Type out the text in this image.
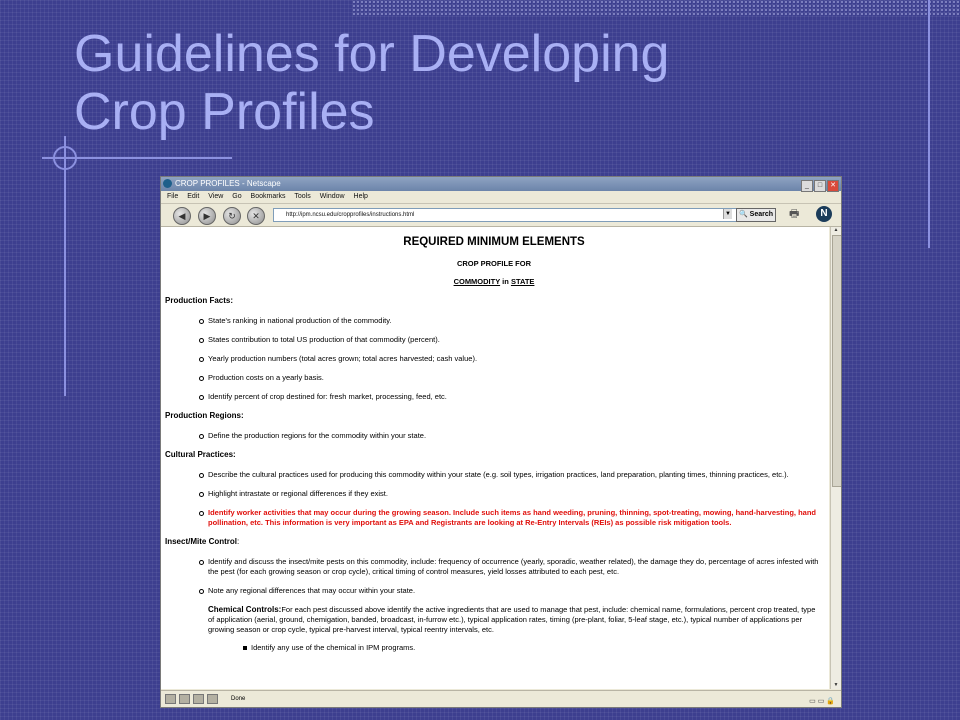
Guidelines for Developing
Crop Profiles
CROP PROFILES - Netscape	_ □ ✕
File Edit View Go Bookmarks Tools Window Help
◀	▶	↻	✕	http://ipm.ncsu.edu/cropprofiles/instructions.html	▼	🔍 Search 🖶	N
REQUIRED MINIMUM ELEMENTS
CROP PROFILE FOR
COMMODITY in STATE
Production Facts:
State's ranking in national production of the commodity.
States contribution to total US production of that commodity (percent).
Yearly production numbers (total acres grown; total acres harvested; cash value).
Production costs on a yearly basis.
Identify percent of crop destined for: fresh market, processing, feed, etc.
Production Regions:
Define the production regions for the commodity within your state.
Cultural Practices:
Describe the cultural practices used for producing this commodity within your state (e.g. soil types, irrigation practices, land preparation, planting times, thinning practices, etc.).
Highlight intrastate or regional differences if they exist.
Identify worker activities that may occur during the growing season. Include such items as hand weeding, pruning, thinning, spot-treating, mowing, hand-harvesting, hand pollination, etc. This information is very important as EPA and Registrants are looking at Re-Entry Intervals (REIs) as possible risk mitigation tools.
Insect/Mite Control:
Identify and discuss the insect/mite pests on this commodity, include: frequency of occurrence (yearly, sporadic, weather related), the damage they do, percentage of acres infested with the pest (for each growing season or crop cycle), critical timing of control measures, yield losses attributed to each pest, etc.
Note any regional differences that may occur within your state.
Chemical Controls:For each pest discussed above identify the active ingredients that are used to manage that pest, include: chemical name, formulations, percent crop treated, type of application (aerial, ground, chemigation, banded, broadcast, in-furrow etc.), typical application rates, timing (pre-plant, foliar, 5-leaf stage, etc.), typical number of applications per growing season or crop cycle, typical pre-harvest interval, typical reentry intervals, etc.
Identify any use of the chemical in IPM programs.
▲
▼
Done	▭ ▭ 🔒
